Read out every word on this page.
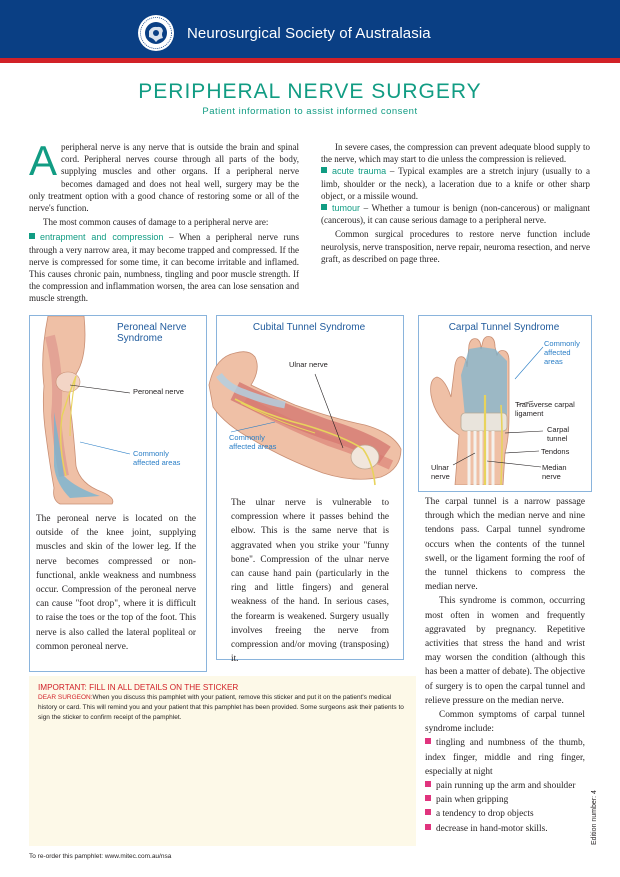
Neurosurgical Society of Australasia
PERIPHERAL NERVE SURGERY
Patient information to assist informed consent
A peripheral nerve is any nerve that is outside the brain and spinal cord. Peripheral nerves course through all parts of the body, supplying muscles and other organs. If a peripheral nerve becomes damaged and does not heal well, surgery may be the only treatment option with a good chance of restoring some or all of the nerve's function.

The most common causes of damage to a peripheral nerve are:

entrapment and compression – When a peripheral nerve runs through a very narrow area, it may become trapped and compressed. If the nerve is compressed for some time, it can become irritable and inflamed. This causes chronic pain, numbness, tingling and poor muscle strength. If the compression and inflammation worsen, the area can lose sensation and muscle strength.

In severe cases, the compression can prevent adequate blood supply to the nerve, which may start to die unless the compression is relieved.

acute trauma – Typical examples are a stretch injury (usually to a limb, shoulder or the neck), a laceration due to a knife or other sharp object, or a missile wound.

tumour – Whether a tumour is benign (non-cancerous) or malignant (cancerous), it can cause serious damage to a peripheral nerve.

Common surgical procedures to restore nerve function include neurolysis, nerve transposition, nerve repair, neuroma resection, and nerve graft, as described on page three.

Peroneal Nerve Syndrome
Peroneal nerve
Commonly affected areas

The peroneal nerve is located on the outside of the knee joint, supplying muscles and skin of the lower leg. If the nerve becomes compressed or non-functional, ankle weakness and numbness occur. Compression of the peroneal nerve can cause "foot drop", where it is difficult to raise the toes or the top of the foot. This nerve is also called the lateral popliteal or common peroneal nerve.

Cubital Tunnel Syndrome
Ulnar nerve
Commonly affected areas

The ulnar nerve is vulnerable to compression where it passes behind the elbow. This is the same nerve that is aggravated when you strike your "funny bone". Compression of the ulnar nerve can cause hand pain (particularly in the ring and little fingers) and general weakness of the hand. In serious cases, the forearm is weakened. Surgery usually involves freeing the nerve from compression and/or moving (transposing) it.

Carpal Tunnel Syndrome
Commonly affected areas
Transverse carpal ligament
Carpal tunnel
Tendons
Median nerve
Ulnar nerve

The carpal tunnel is a narrow passage through which the median nerve and nine tendons pass. Carpal tunnel syndrome occurs when the contents of the tunnel swell, or the ligament forming the roof of the tunnel thickens to compress the median nerve.

This syndrome is common, occurring most often in women and frequently aggravated by pregnancy. Repetitive activities that stress the hand and wrist may worsen the condition (although this has been a matter of debate). The objective of surgery is to open the carpal tunnel and relieve pressure on the median nerve.

Common symptoms of carpal tunnel syndrome include:

tingling and numbness of the thumb, index finger, middle and ring finger, especially at night

pain running up the arm and shoulder

pain when gripping

a tendency to drop objects

decrease in hand-motor skills.

IMPORTANT: FILL IN ALL DETAILS ON THE STICKER
DEAR SURGEON:When you discuss this pamphlet with your patient, remove this sticker and put it on the patient's medical history or card. This will remind you and your patient that this pamphlet has been provided. Some surgeons ask their patients to sign the sticker to confirm receipt of the pamphlet.
To re-order this pamphlet: www.mitec.com.au/nsa
Edition number: 4
